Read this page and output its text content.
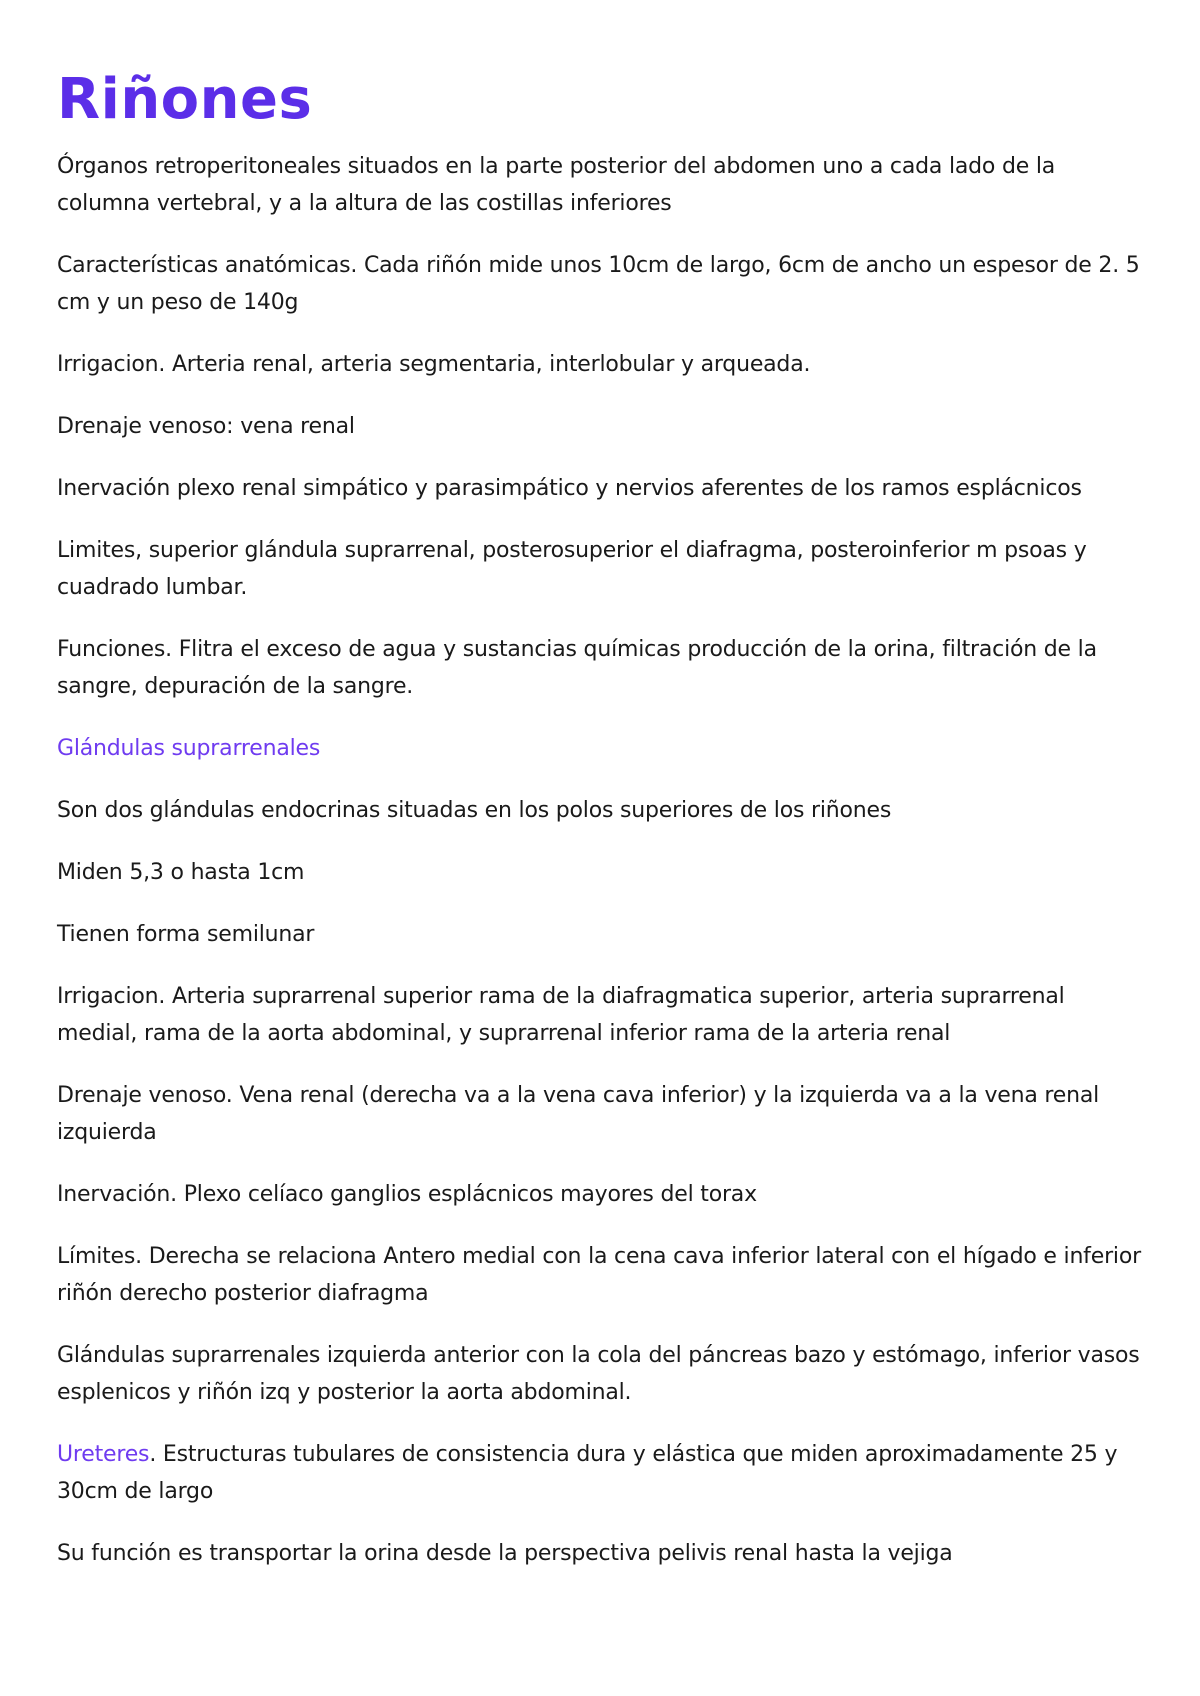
Riñones

Órganos retroperitoneales situados en la parte posterior del abdomen uno a cada lado de la columna vertebral, y a la altura de las costillas inferiores

Características anatómicas. Cada riñón mide unos 10cm de largo, 6cm de ancho un espesor de 2. 5 cm y un peso de 140g

Irrigacion. Arteria renal, arteria segmentaria, interlobular y arqueada.

Drenaje venoso: vena renal

Inervación plexo renal simpático y parasimpático y nervios aferentes de los ramos esplácnicos

Limites, superior glándula suprarrenal, posterosuperior el diafragma, posteroinferior m psoas y cuadrado lumbar.

Funciones. Flitra el exceso de agua y sustancias químicas producción de la orina, filtración de la sangre, depuración de la sangre.

Glándulas suprarrenales

Son dos glándulas endocrinas situadas en los polos superiores de los riñones

Miden 5,3 o hasta 1cm

Tienen forma semilunar

Irrigacion. Arteria suprarrenal superior rama de la diafragmatica superior, arteria suprarrenal medial, rama de la aorta abdominal, y suprarrenal inferior rama de la arteria renal

Drenaje venoso. Vena renal (derecha va a la vena cava inferior) y la izquierda va a la vena renal izquierda

Inervación. Plexo celíaco ganglios esplácnicos mayores del torax

Límites. Derecha se relaciona Antero medial con la cena cava inferior lateral con el hígado e inferior riñón derecho posterior diafragma

Glándulas suprarrenales izquierda anterior con la cola del páncreas bazo y estómago, inferior vasos esplenicos y riñón izq y posterior la aorta abdominal.

Ureteres. Estructuras tubulares de consistencia dura y elástica que miden aproximadamente 25 y 30cm de largo

Su función es transportar la orina desde la perspectiva pelivis renal hasta la vejiga
